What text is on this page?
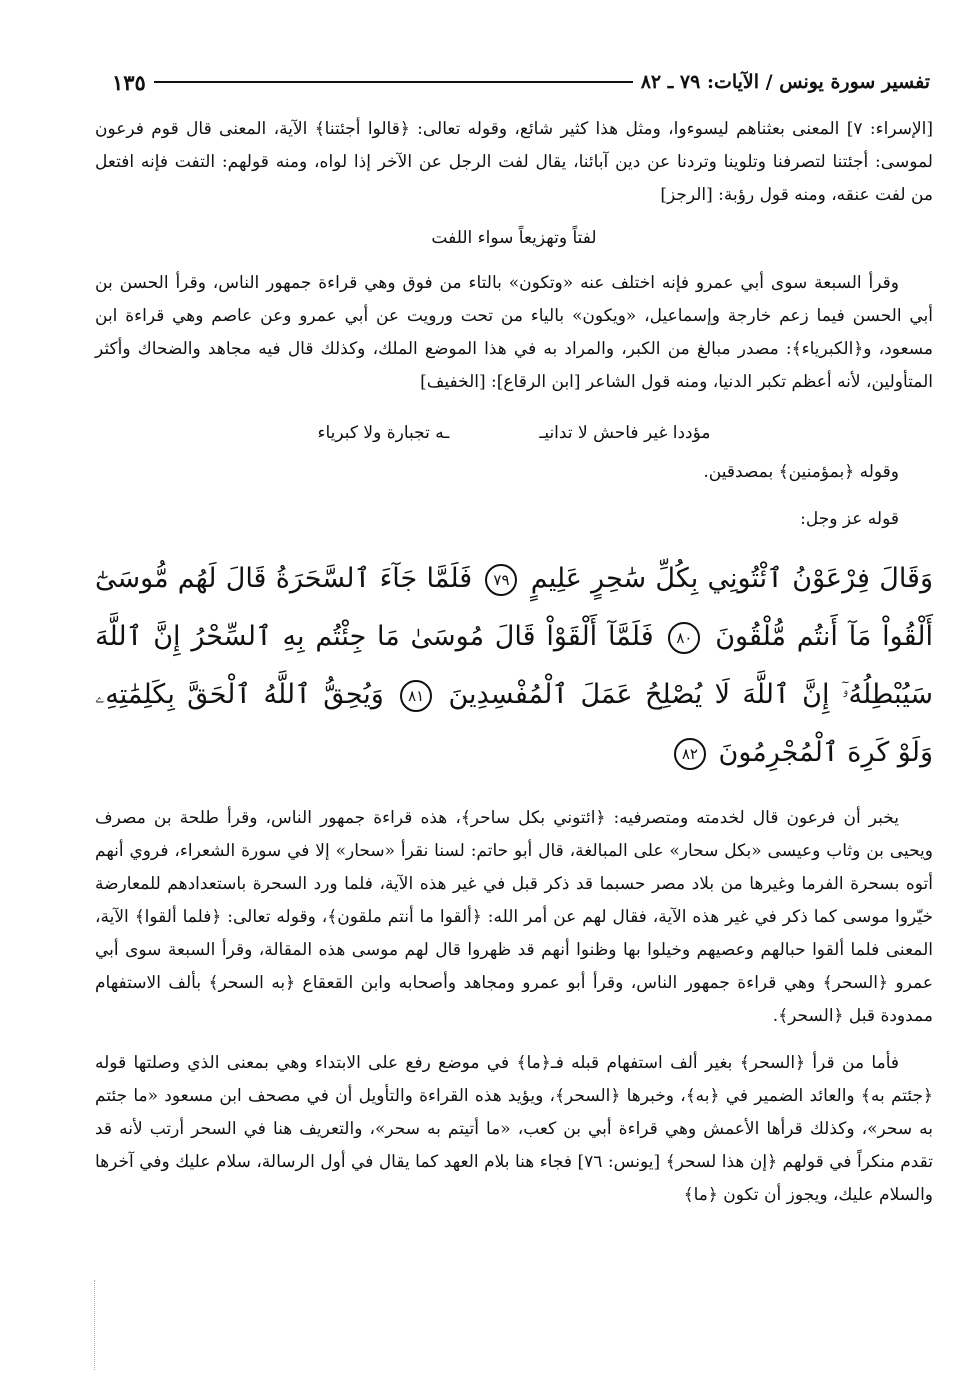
تفسير سورة يونس / الآيات: ٧٩ ـ ٨٢
١٣٥

[الإسراء: ٧] المعنى بعثناهم ليسوءوا، ومثل هذا كثير شائع، وقوله تعالى: ﴿قالوا أجئتنا﴾ الآية، المعنى قال قوم فرعون لموسى: أجئتنا لتصرفنا وتلوينا وتردنا عن دين آبائنا، يقال لفت الرجل عن الآخر إذا لواه، ومنه قولهم: التفت فإنه افتعل من لفت عنقه، ومنه قول رؤبة: [الرجز]

لفتاً وتهزيعاً سواء اللفت

وقرأ السبعة سوى أبي عمرو فإنه اختلف عنه «وتكون» بالتاء من فوق وهي قراءة جمهور الناس، وقرأ الحسن بن أبي الحسن فيما زعم خارجة وإسماعيل، «ويكون» بالياء من تحت ورويت عن أبي عمرو وعن عاصم وهي قراءة ابن مسعود، و﴿الكبرياء﴾: مصدر مبالغ من الكبر، والمراد به في هذا الموضع الملك، وكذلك قال فيه مجاهد والضحاك وأكثر المتأولين، لأنه أعظم تكبر الدنيا، ومنه قول الشاعر [ابن الرقاع]: [الخفيف]

مؤددا غير فاحش لا تدانيـ
ـه تجبارة ولا كبرياء

وقوله ﴿بمؤمنين﴾ بمصدقين.

قوله عز وجل:

وَقَالَ فِرْعَوْنُ ٱئْتُونِي بِكُلِّ سَٰحِرٍ عَلِيمٍ ٧٩ فَلَمَّا جَآءَ ٱلسَّحَرَةُ قَالَ لَهُم مُّوسَىٰٓ أَلْقُواْ مَآ أَنتُم مُّلْقُونَ ٨٠ فَلَمَّآ أَلْقَوْاْ قَالَ مُوسَىٰ مَا جِئْتُم بِهِ ٱلسِّحْرُ إِنَّ ٱللَّهَ سَيُبْطِلُهُۥٓ إِنَّ ٱللَّهَ لَا يُصْلِحُ عَمَلَ ٱلْمُفْسِدِينَ ٨١ وَيُحِقُّ ٱللَّهُ ٱلْحَقَّ بِكَلِمَٰتِهِۦ وَلَوْ كَرِهَ ٱلْمُجْرِمُونَ ٨٢

يخبر أن فرعون قال لخدمته ومتصرفيه: ﴿ائتوني بكل ساحر﴾، هذه قراءة جمهور الناس، وقرأ طلحة بن مصرف ويحيى بن وثاب وعيسى «بكل سحار» على المبالغة، قال أبو حاتم: لسنا نقرأ «سحار» إلا في سورة الشعراء، فروي أنهم أتوه بسحرة الفرما وغيرها من بلاد مصر حسبما قد ذكر قبل في غير هذه الآية، فلما ورد السحرة باستعدادهم للمعارضة خيّروا موسى كما ذكر في غير هذه الآية، فقال لهم عن أمر الله: ﴿ألقوا ما أنتم ملقون﴾، وقوله تعالى: ﴿فلما ألقوا﴾ الآية، المعنى فلما ألقوا حبالهم وعصيهم وخيلوا بها وظنوا أنهم قد ظهروا قال لهم موسى هذه المقالة، وقرأ السبعة سوى أبي عمرو ﴿السحر﴾ وهي قراءة جمهور الناس، وقرأ أبو عمرو ومجاهد وأصحابه وابن القعقاع ﴿به السحر﴾ بألف الاستفهام ممدودة قبل ﴿السحر﴾.

فأما من قرأ ﴿السحر﴾ بغير ألف استفهام قبله فـ﴿ما﴾ في موضع رفع على الابتداء وهي بمعنى الذي وصلتها قوله ﴿جئتم به﴾ والعائد الضمير في ﴿به﴾، وخبرها ﴿السحر﴾، ويؤيد هذه القراءة والتأويل أن في مصحف ابن مسعود «ما جئتم به سحر»، وكذلك قرأها الأعمش وهي قراءة أبي بن كعب، «ما أتيتم به سحر»، والتعريف هنا في السحر أرتب لأنه قد تقدم منكراً في قولهم ﴿إن هذا لسحر﴾ [يونس: ٧٦] فجاء هنا بلام العهد كما يقال في أول الرسالة، سلام عليك وفي آخرها والسلام عليك، ويجوز أن تكون ﴿ما﴾
